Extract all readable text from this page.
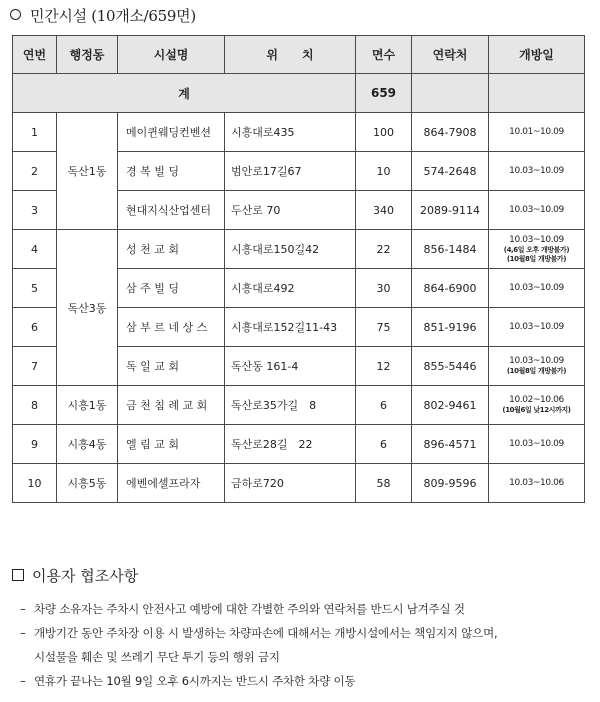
민간시설 (10개소/659면)
연번	행정동	시설명	위　　치	면수	연락처	개방일
계				659		
1	독산1동	메이퀸웨딩컨벤션	시흥대로435	100	864-7908	10.01~10.09

2		경 복 빌 딩	범안로17길67	10	574-2648	10.03~10.09

3		현대지식산업센터	두산로 70	340	2089-9114	10.03~10.09

4	독산3동	성 천 교 회	시흥대로150길42	22	856-1484	10.03~10.09
(4,6일 오후 개방불가)
(10월8일 개방불가)

5		삼 주 빌 딩	시흥대로492	30	864-6900	10.03~10.09

6		삼 부 르 네 상 스	시흥대로152길11-43	75	851-9196	10.03~10.09

7		독 일 교 회	독산동 161-4	12	855-5446	10.03~10.09
(10월8일 개방불가)

8	시흥1동	금 천 침 례 교 회	독산로35가길　8	6	802-9461	10.02~10.06
(10월6일 낮12시까지)

9	시흥4동	엘 림 교 회	독산로28길　22	6	896-4571	10.03~10.09

10	시흥5동	에벤에셀프라자	금하로720	58	809-9596	10.03~10.06
이용자 협조사항
– 차량 소유자는 주차시 안전사고 예방에 대한 각별한 주의와 연락처를 반드시 남겨주실 것
– 개방기간 동안 주차장 이용 시 발생하는 차량파손에 대해서는 개방시설에서는 책임지지 않으며,
시설물을 훼손 및 쓰레기 무단 투기 등의 행위 금지
– 연휴가 끝나는 10월 9일 오후 6시까지는 반드시 주차한 차량 이동
